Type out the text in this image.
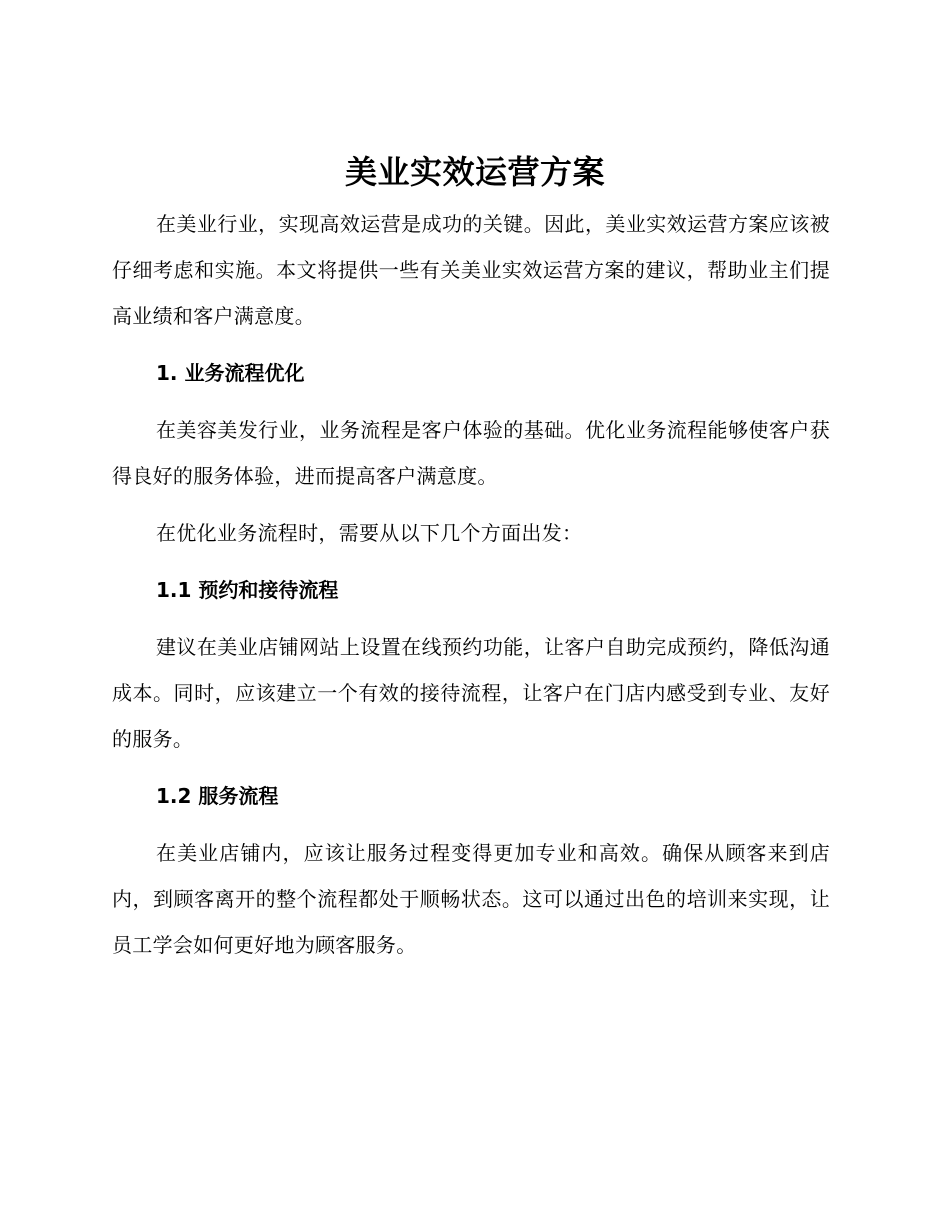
美业实效运营方案

在美业行业，实现高效运营是成功的关键。因此，美业实效运营方案应该被仔细考虑和实施。本文将提供一些有关美业实效运营方案的建议，帮助业主们提高业绩和客户满意度。

1. 业务流程优化

在美容美发行业，业务流程是客户体验的基础。优化业务流程能够使客户获得良好的服务体验，进而提高客户满意度。

在优化业务流程时，需要从以下几个方面出发：

1.1 预约和接待流程

建议在美业店铺网站上设置在线预约功能，让客户自助完成预约，降低沟通成本。同时，应该建立一个有效的接待流程，让客户在门店内感受到专业、友好的服务。

1.2 服务流程

在美业店铺内，应该让服务过程变得更加专业和高效。确保从顾客来到店内，到顾客离开的整个流程都处于顺畅状态。这可以通过出色的培训来实现，让员工学会如何更好地为顾客服务。
